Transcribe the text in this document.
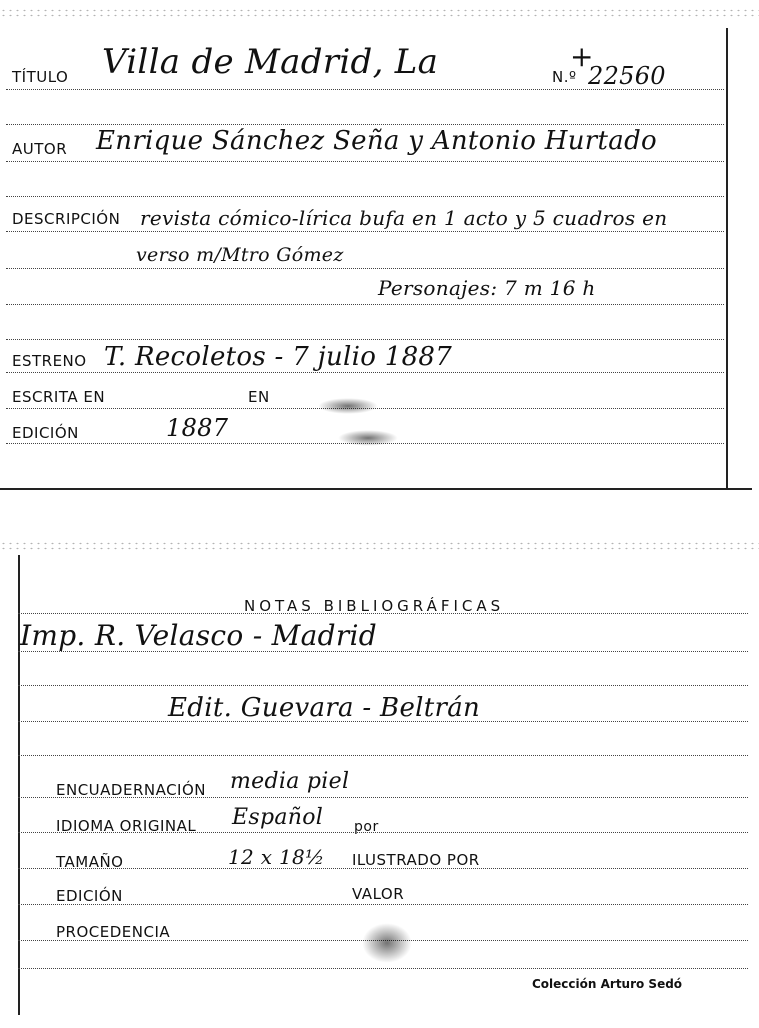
TÍTULO Villa de Madrid, La	+
N.º 22560
AUTOR Enrique Sánchez Seña y Antonio Hurtado
DESCRIPCIÓN revista cómico-lírica bufa en 1 acto y 5 cuadros en
verso m/Mtro Gómez
Personajes: 7 m 16 h
ESTRENO T. Recoletos - 7 julio 1887
ESCRITA EN	EN
EDICIÓN	1887
NOTAS BIBLIOGRÁFICAS
Imp. R. Velasco - Madrid
Edit. Guevara - Beltrán
ENCUADERNACIÓN media piel
IDIOMA ORIGINAL Español por
TAMAÑO	12 x 18½ ILUSTRADO POR
EDICIÓN	VALOR
PROCEDENCIA
Colección Arturo Sedó
